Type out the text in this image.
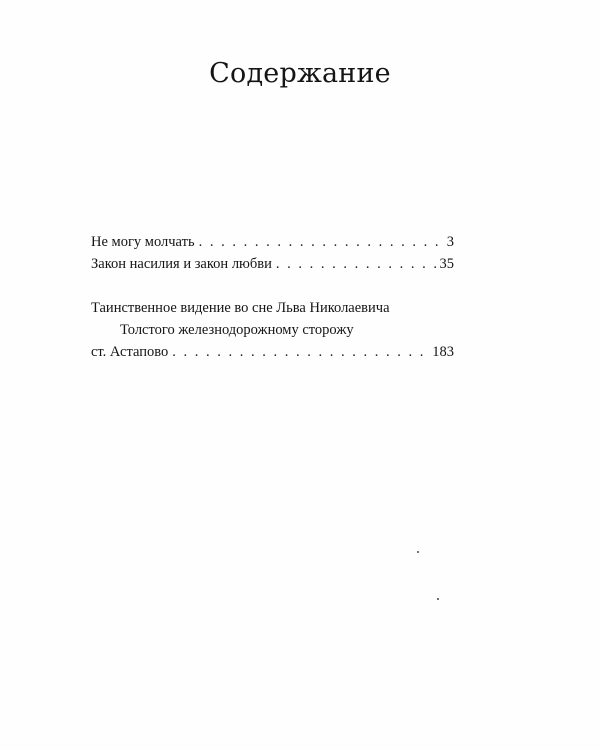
Содержание
Не могу молчать . . .	3
Закон насилия и закон любви . . .	35
Таинственное видение во сне Льва Николаевича
Толстого железнодорожному сторожу
ст. Астапово . . .	183
